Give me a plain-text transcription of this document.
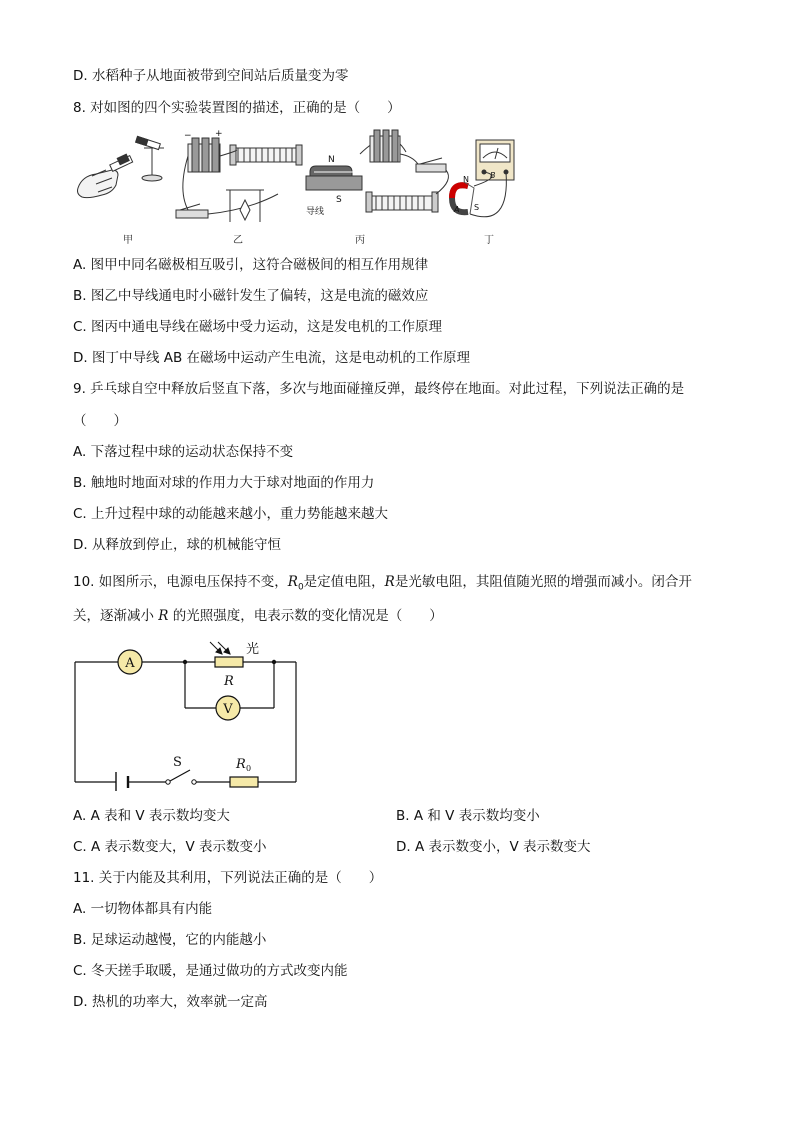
D. 水稻种子从地面被带到空间站后质量变为零
8. 对如图的四个实验装置图的描述，正确的是（　　）
−	+
N
S
导线
N
S
A
B
甲	乙	丙	丁
A. 图甲中同名磁极相互吸引，这符合磁极间的相互作用规律
B. 图乙中导线通电时小磁针发生了偏转，这是电流的磁效应
C. 图丙中通电导线在磁场中受力运动，这是发电机的工作原理
D. 图丁中导线 AB 在磁场中运动产生电流，这是电动机的工作原理
9. 乒乓球自空中释放后竖直下落，多次与地面碰撞反弹，最终停在地面。对此过程，下列说法正确的是
（　　）
A. 下落过程中球的运动状态保持不变
B. 触地时地面对球的作用力大于球对地面的作用力
C. 上升过程中球的动能越来越小，重力势能越来越大
D. 从释放到停止，球的机械能守恒
10. 如图所示，电源电压保持不变，$R_0$是定值电阻，R是光敏电阻，其阻值随光照的增强而减小。闭合开
关，逐渐减小 R 的光照强度，电表示数的变化情况是（　　）
A
V
光
R
S	R 0
A. A 表和 V 表示数均变大	B. A 和 V 表示数均变小
C. A 表示数变大，V 表示数变小	D. A 表示数变小，V 表示数变大
11. 关于内能及其利用，下列说法正确的是（　　）
A. 一切物体都具有内能
B. 足球运动越慢，它的内能越小
C. 冬天搓手取暖，是通过做功的方式改变内能
D. 热机的功率大，效率就一定高
